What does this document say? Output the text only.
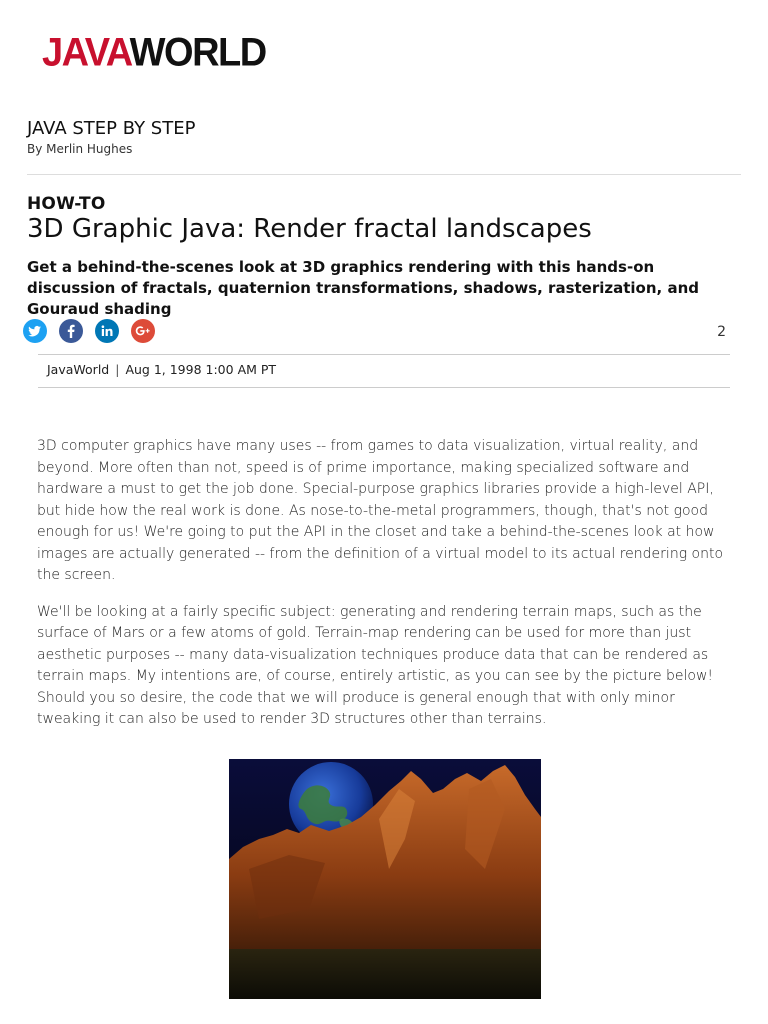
JAVAWORLD
JAVA STEP BY STEP
By Merlin Hughes
HOW-TO
3D Graphic Java: Render fractal landscapes
Get a behind-the-scenes look at 3D graphics rendering with this hands-on discussion of fractals, quaternion transformations, shadows, rasterization, and Gouraud shading
2
JavaWorld | Aug 1, 1998 1:00 AM PT

3D computer graphics have many uses -- from games to data visualization, virtual reality, and beyond. More often than not, speed is of prime importance, making specialized software and hardware a must to get the job done. Special-purpose graphics libraries provide a high-level API, but hide how the real work is done. As nose-to-the-metal programmers, though, that's not good enough for us! We're going to put the API in the closet and take a behind-the-scenes look at how images are actually generated -- from the definition of a virtual model to its actual rendering onto the screen.

We'll be looking at a fairly specific subject: generating and rendering terrain maps, such as the surface of Mars or a few atoms of gold. Terrain-map rendering can be used for more than just aesthetic purposes -- many data-visualization techniques produce data that can be rendered as terrain maps. My intentions are, of course, entirely artistic, as you can see by the picture below! Should you so desire, the code that we will produce is general enough that with only minor tweaking it can also be used to render 3D structures other than terrains.
